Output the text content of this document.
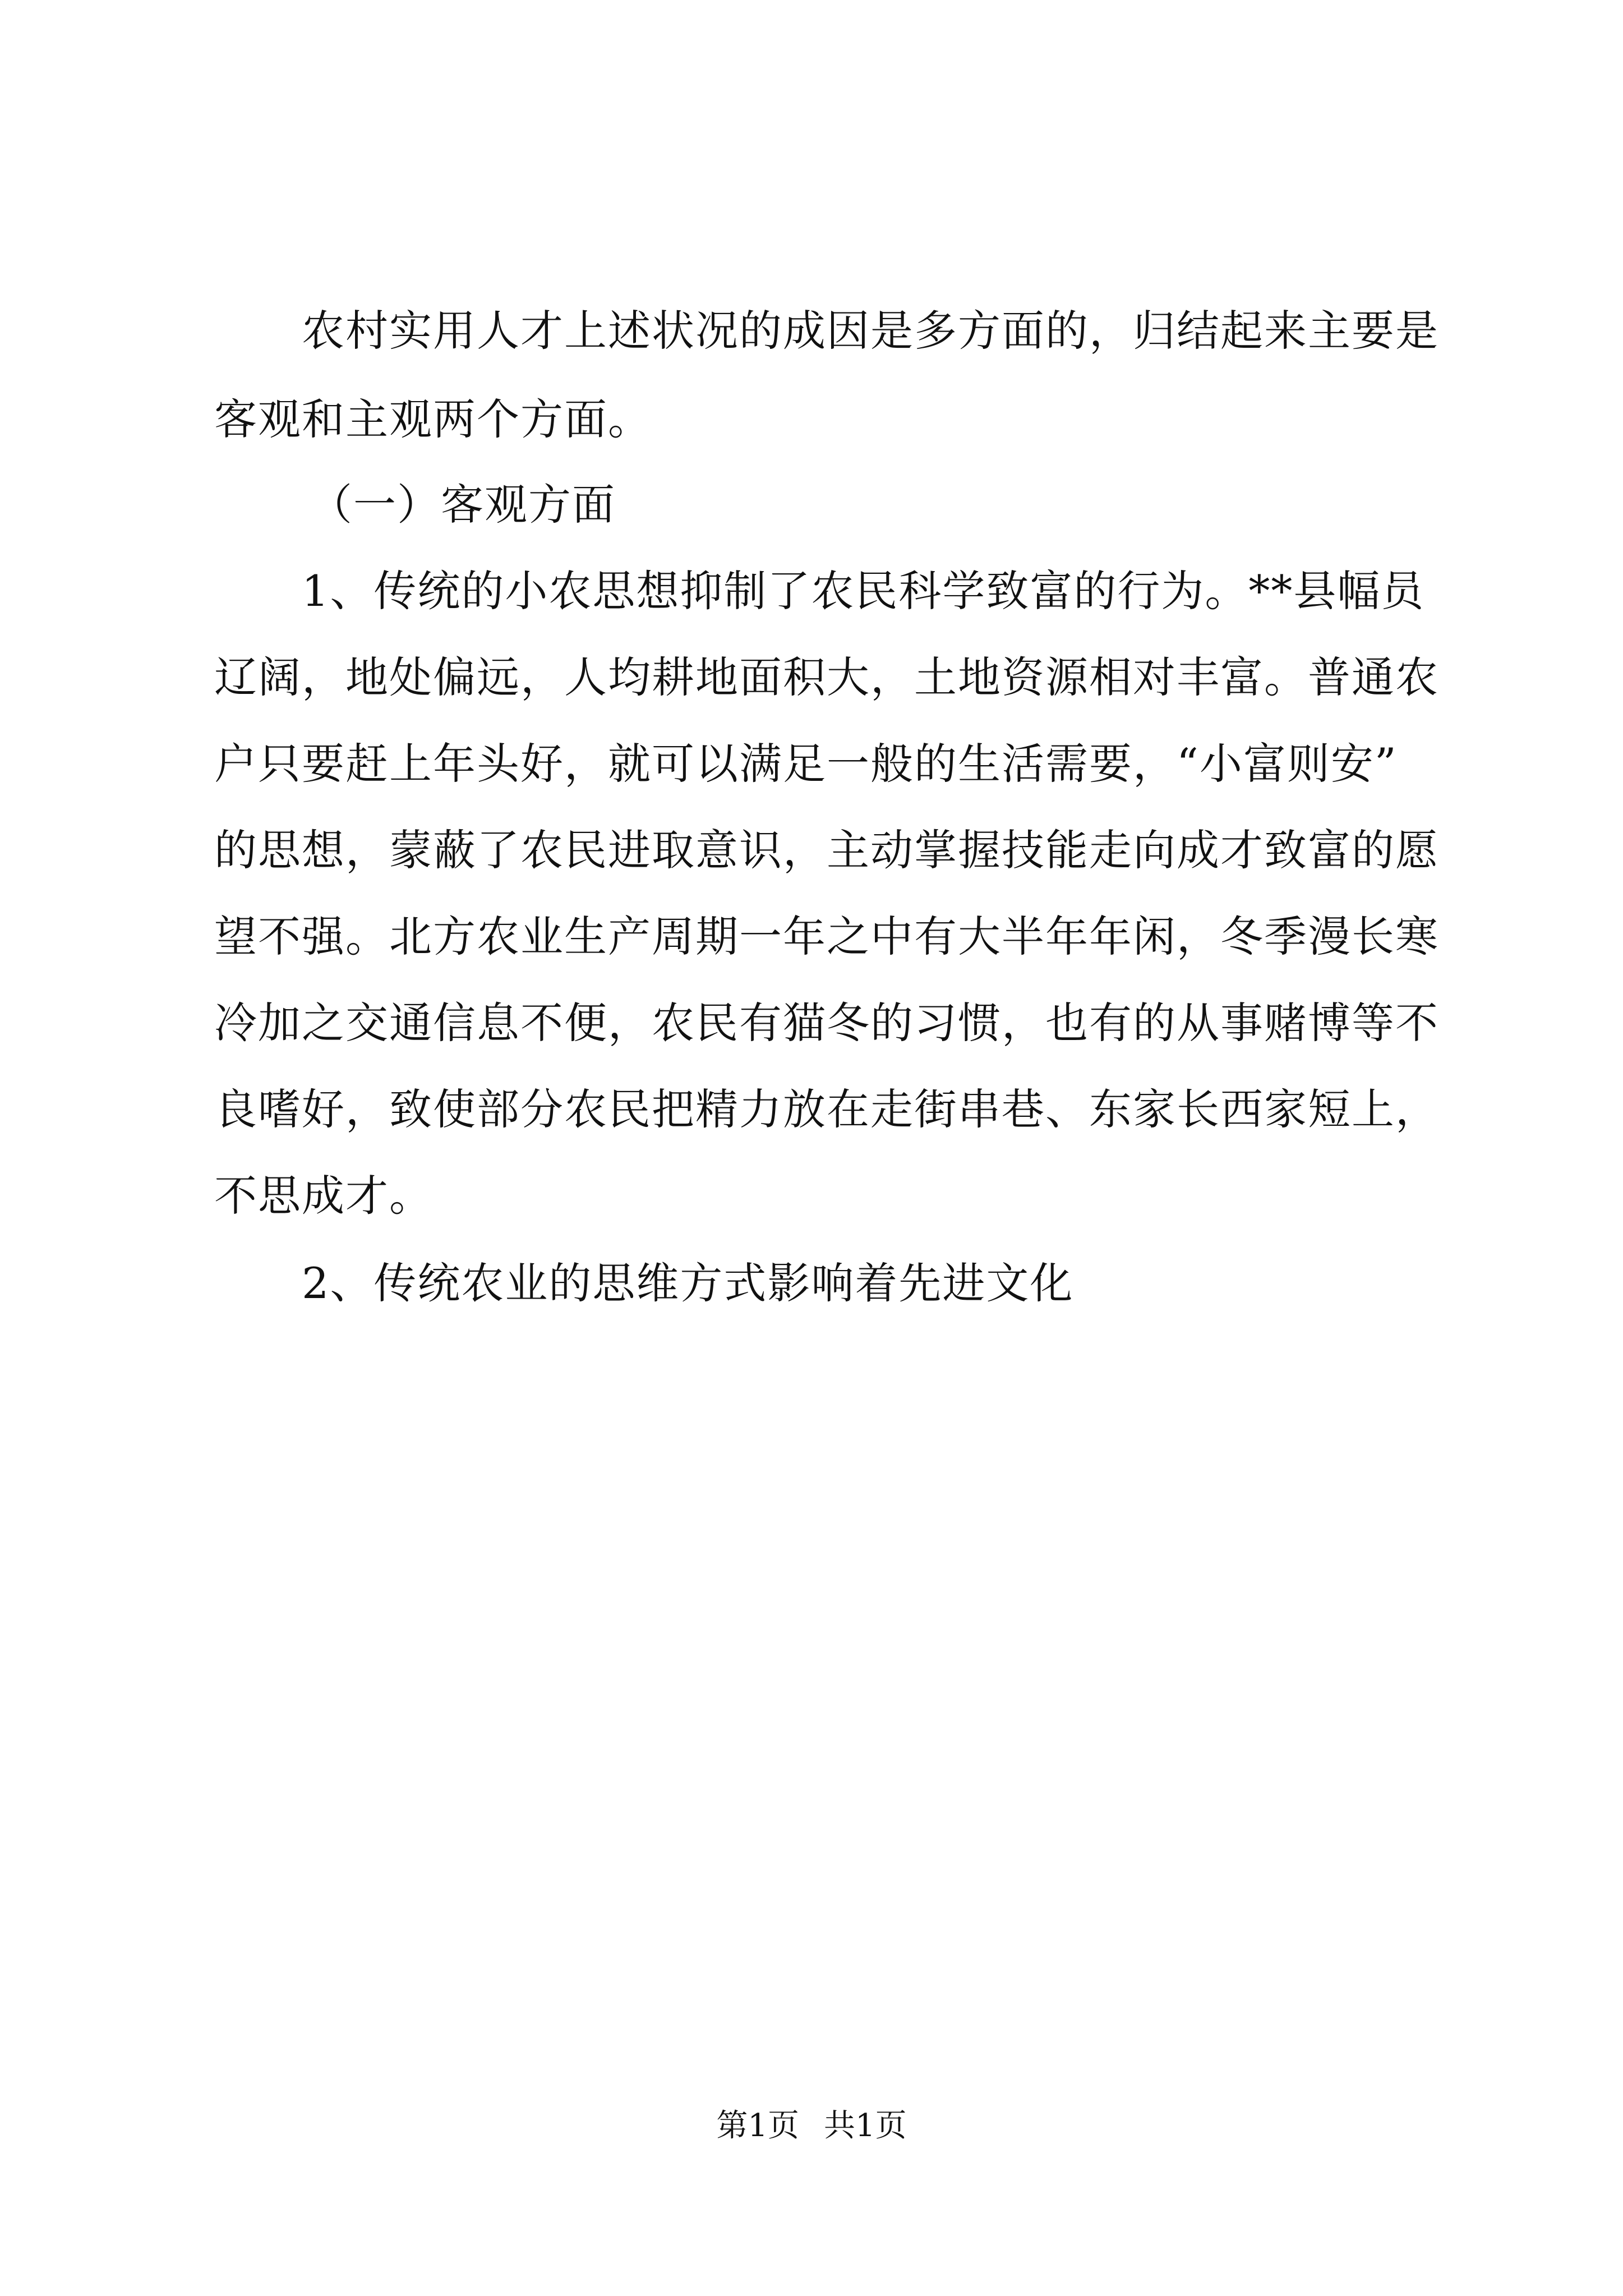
农村实用人才上述状况的成因是多方面的，归结起来主要是
客观和主观两个方面。
（一）客观方面
1、传统的小农思想抑制了农民科学致富的行为。**县幅员
辽阔，地处偏远，人均耕地面积大，土地资源相对丰富。普通农
户只要赶上年头好，就可以满足一般的生活需要，“小富则安”
的思想，蒙蔽了农民进取意识，主动掌握技能走向成才致富的愿
望不强。北方农业生产周期一年之中有大半年年闲，冬季漫长寒
冷加之交通信息不便，农民有猫冬的习惯，也有的从事赌博等不
良嗜好，致使部分农民把精力放在走街串巷、东家长西家短上，
不思成才。
2、传统农业的思维方式影响着先进文化
第1页 共1页
